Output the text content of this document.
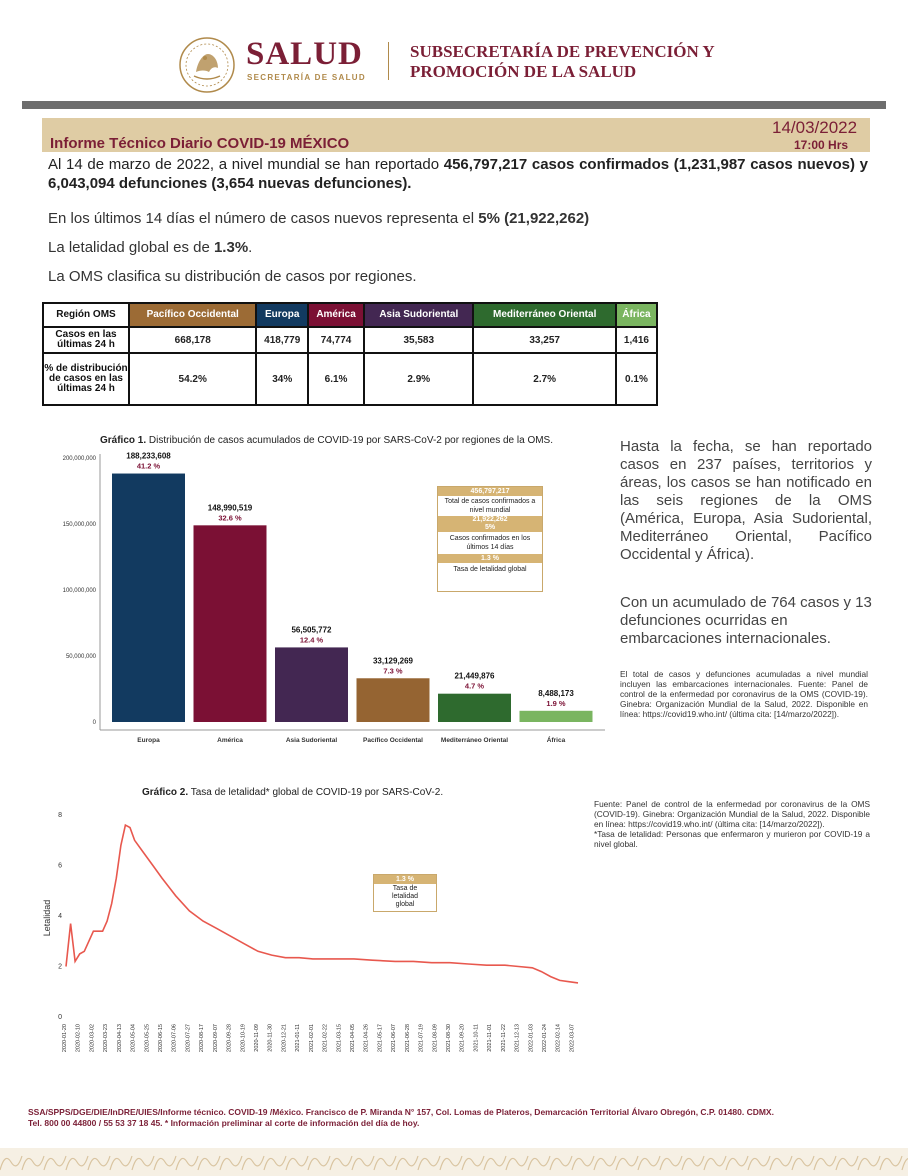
SALUD
SECRETARÍA DE SALUD
SUBSECRETARÍA DE PREVENCIÓN Y
PROMOCIÓN DE LA SALUD
Informe Técnico Diario COVID-19 MÉXICO
14/03/2022
17:00 Hrs
Al 14 de marzo de 2022, a nivel mundial se han reportado 456,797,217 casos confirmados (1,231,987 casos nuevos) y 6,043,094 defunciones (3,654 nuevas defunciones).
En los últimos 14 días el número de casos nuevos representa el 5% (21,922,262)
La letalidad global es de 1.3%.
La OMS clasifica su distribución de casos por regiones.
Región OMS	Pacífico Occidental	Europa	América	Asia Sudoriental	Mediterráneo Oriental	África
Casos en las últimas 24 h	668,178	418,779	74,774	35,583	33,257	1,416
% de distribución de casos en las últimas 24 h	54.2%	34%	6.1%	2.9%	2.7%	0.1%
Gráfico 1. Distribución de casos acumulados de COVID-19 por SARS-CoV-2 por regiones de la OMS.
0
50,000,000
100,000,000
150,000,000
200,000,000	188,233,608
41.2 %
Europa
148,990,519
32.6 %
América
56,505,772
12.4 %
Asia Sudoriental
33,129,269
7.3 %
Pacífico Occidental
21,449,876
4.7 %
Mediterráneo Oriental
8,488,173
1.9 %
África
456,797,217
Total de casos confirmados a nivel mundial
21,922,262
5%
Casos confirmados en los últimos 14 días
1.3 %
Tasa de letalidad global
Hasta la fecha, se han reportado casos en 237 países, territorios y áreas, los casos se han notificado en las seis regiones de la OMS (América, Europa, Asia Sudoriental, Mediterráneo Oriental, Pacífico Occidental y África).
Con un acumulado de 764 casos y 13 defunciones ocurridas en embarcaciones internacionales.
El total de casos y defunciones acumuladas a nivel mundial incluyen las embarcaciones internacionales. Fuente: Panel de control de la enfermedad por coronavirus de la OMS (COVID-19). Ginebra: Organización Mundial de la Salud, 2022. Disponible en línea: https://covid19.who.int/ (última cita: [14/marzo/2022]).
Gráfico 2. Tasa de letalidad* global de COVID-19 por SARS-CoV-2.
Letalidad
0
2
4
6
8
2020-01-20 2020-02-10 2020-03-02 2020-03-23 2020-04-13 2020-05-04 2020-05-25 2020-06-15 2020-07-06 2020-07-27 2020-08-17 2020-09-07 2020-09-28 2020-10-19 2020-11-09 2020-11-30 2020-12-21 2021-01-11 2021-02-01 2021-02-22 2021-03-15 2021-04-05 2021-04-26 2021-05-17 2021-06-07 2021-06-28 2021-07-19 2021-08-09 2021-08-30 2021-09-20 2021-10-11 2021-11-01 2021-11-22 2021-12-13 2022-01-03 2022-01-24 2022-02-14 2022-03-07
1.3 %
Tasa de letalidad global
Fuente: Panel de control de la enfermedad por coronavirus de la OMS (COVID-19). Ginebra: Organización Mundial de la Salud, 2022. Disponible en línea: https://covid19.who.int/ (última cita: [14/marzo/2022]).
*Tasa de letalidad: Personas que enfermaron y murieron por COVID-19 a nivel global.
SSA/SPPS/DGE/DIE/InDRE/UIES/Informe técnico. COVID-19 /México. Francisco de P. Miranda N° 157, Col. Lomas de Plateros, Demarcación Territorial Álvaro Obregón, C.P. 01480. CDMX.
Tel. 800 00 44800 / 55 53 37 18 45. * Información preliminar al corte de información del día de hoy.
